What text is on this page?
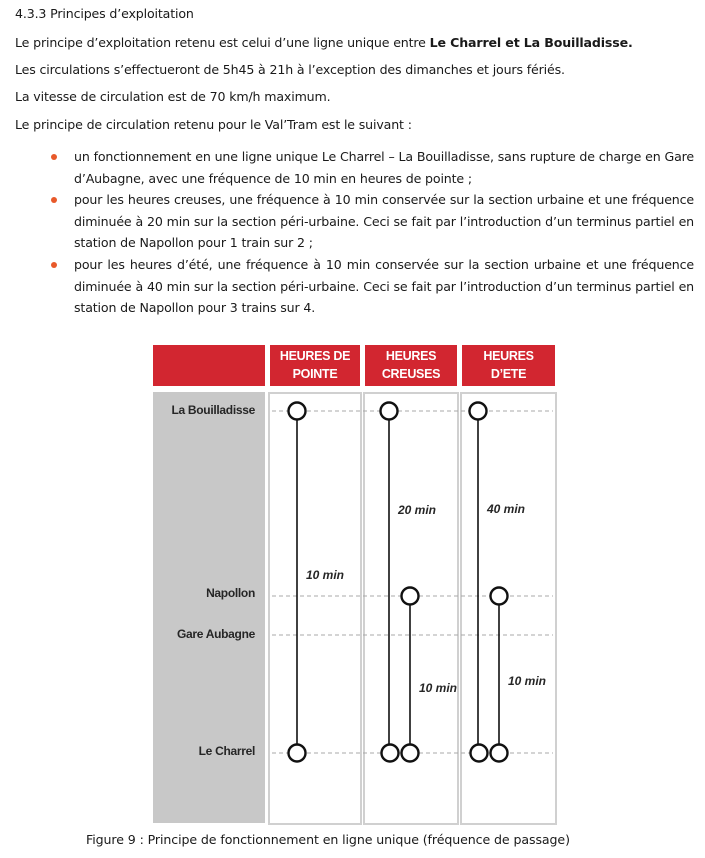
4.3.3 Principes d’exploitation
Le principe d’exploitation retenu est celui d’une ligne unique entre Le Charrel et La Bouilladisse.
Les circulations s’effectueront de 5h45 à 21h à l’exception des dimanches et jours fériés.
La vitesse de circulation est de 70 km/h maximum.
Le principe de circulation retenu pour le Val’Tram est le suivant :
un fonctionnement en une ligne unique Le Charrel – La Bouilladisse, sans rupture de charge en Gare d’Aubagne, avec une fréquence de 10 min en heures de pointe ;
pour les heures creuses, une fréquence à 10 min conservée sur la section urbaine et une fréquence diminuée à 20 min sur la section péri-urbaine. Ceci se fait par l’introduction d’un terminus partiel en station de Napollon pour 1 train sur 2 ;
pour les heures d’été, une fréquence à 10 min conservée sur la section urbaine et une fréquence diminuée à 40 min sur la section péri-urbaine. Ceci se fait par l’introduction d’un terminus partiel en station de Napollon pour 3 trains sur 4.
HEURES DE
POINTE
HEURES
CREUSES
HEURES
D’ETE
La Bouilladisse
Napollon
Gare Aubagne
Le Charrel
10 min
20 min
10 min
40 min
10 min
Figure 9 : Principe de fonctionnement en ligne unique (fréquence de passage)
